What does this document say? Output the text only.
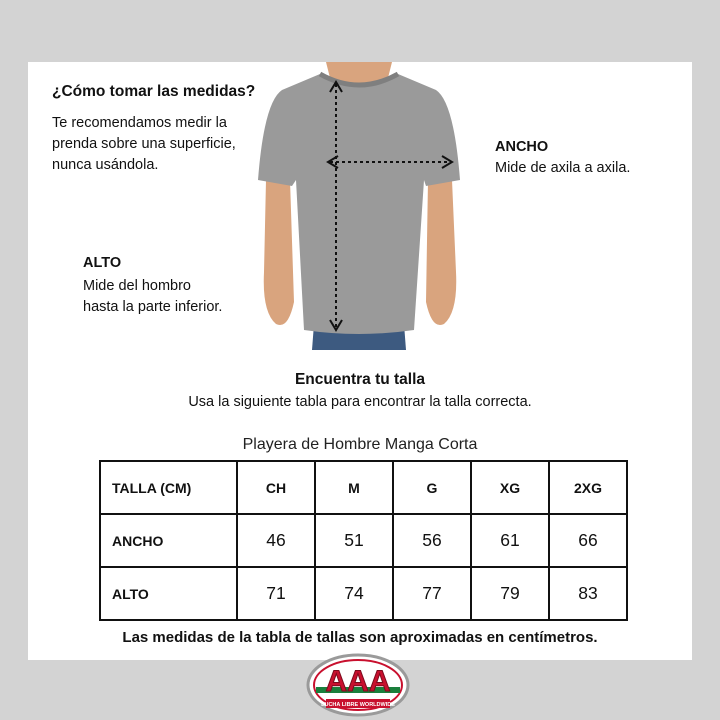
¿Cómo tomar las medidas?
Te recomendamos medir la prenda sobre una superficie, nunca usándola.
ALTO
Mide del hombro
hasta la parte inferior.
ANCHO
Mide de axila a axila.
Encuentra tu talla
Usa la siguiente tabla para encontrar la talla correcta.
Playera de Hombre Manga Corta
TALLA (CM)	CH	M	G	XG	2XG
ANCHO	46	51	56	61	66
ALTO	71	74	77	79	83
Las medidas de la tabla de tallas son aproximadas en centímetros.
AAA
LUCHA LIBRE WORLDWIDE
